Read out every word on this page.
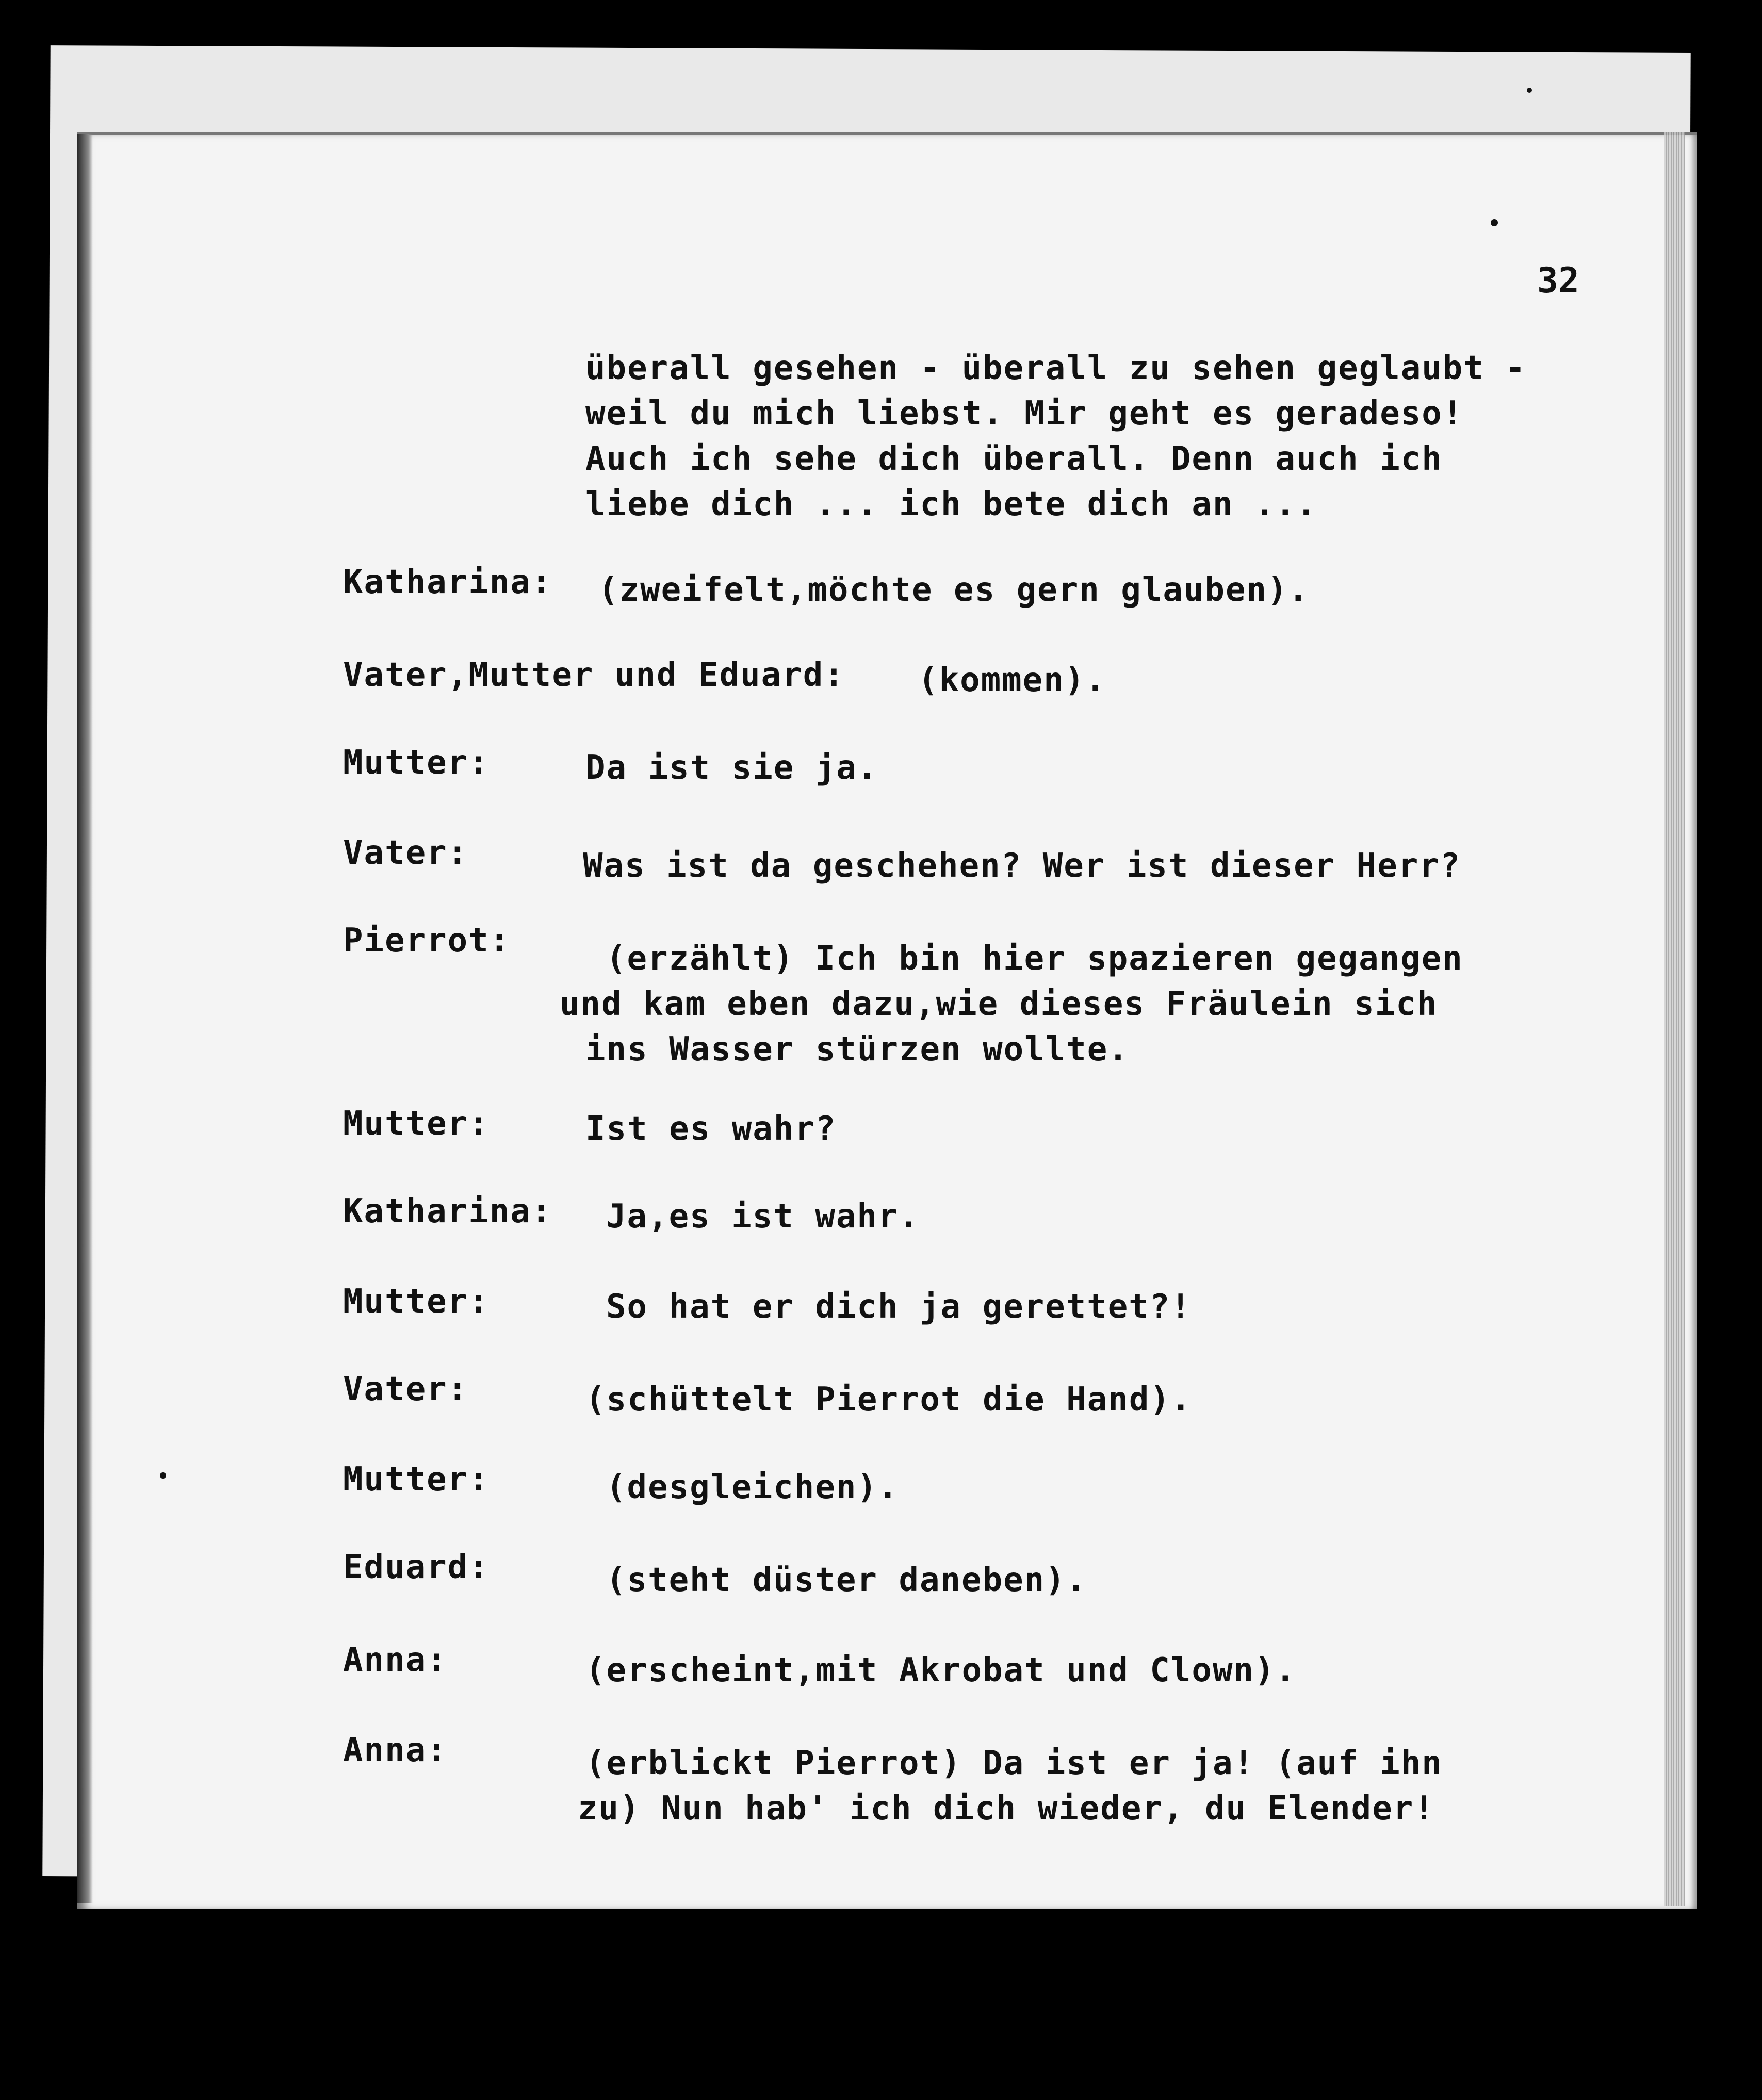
32
überall gesehen - überall zu sehen geglaubt -
weil du mich liebst. Mir geht es geradeso!
Auch ich sehe dich überall. Denn auch ich
liebe dich ... ich bete dich an ...
Katharina: (zweifelt,möchte es gern glauben).
Vater,Mutter und Eduard: (kommen).
Mutter:	Da ist sie ja.
Vater:	Was ist da geschehen? Wer ist dieser Herr?
Pierrot:	(erzählt) Ich bin hier spazieren gegangen
und kam eben dazu,wie dieses Fräulein sich
ins Wasser stürzen wollte.
Mutter:	Ist es wahr?
Katharina: Ja,es ist wahr.
Mutter:	So hat er dich ja gerettet?!
Vater:	(schüttelt Pierrot die Hand).
Mutter:	(desgleichen).
Eduard:	(steht düster daneben).
Anna:	(erscheint,mit Akrobat und Clown).
Anna:	(erblickt Pierrot) Da ist er ja! (auf ihn
zu) Nun hab' ich dich wieder, du Elender!
